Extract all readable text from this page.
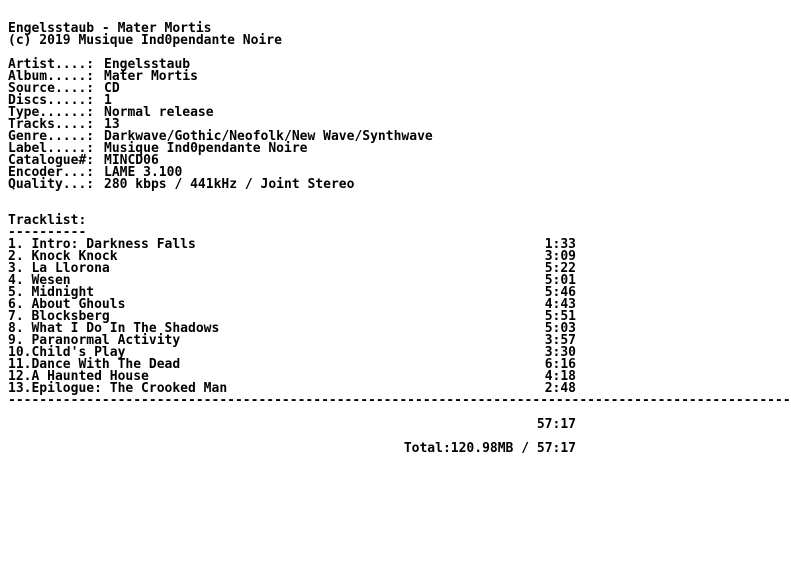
Engelsstaub - Mater Mortis
(c) 2019 Musique Ind0pendante Noire
Artist....: Engelsstaub
Album.....: Mater Mortis
Source....: CD
Discs.....: 1
Type......: Normal release
Tracks....: 13
Genre.....: Darkwave/Gothic/Neofolk/New Wave/Synthwave
Label.....: Musique Ind0pendante Noire
Catalogue#: MINCD06
Encoder...: LAME 3.100
Quality...: 280 kbps / 441kHz / Joint Stereo
Tracklist:
----------
1. Intro: Darkness Falls	1:33
2. Knock Knock	3:09
3. La Llorona	5:22
4. Wesen	5:01
5. Midnight	5:46
6. About Ghouls	4:43
7. Blocksberg	5:51
8. What I Do In The Shadows	5:03
9. Paranormal Activity	3:57
10.Child's Play	3:30
11.Dance With The Dead	6:16
12.A Haunted House	4:18
13.Epilogue: The Crooked Man	2:48
----------------------------------------------------------------------------------------------------
57:17
Total:120.98MB / 57:17
